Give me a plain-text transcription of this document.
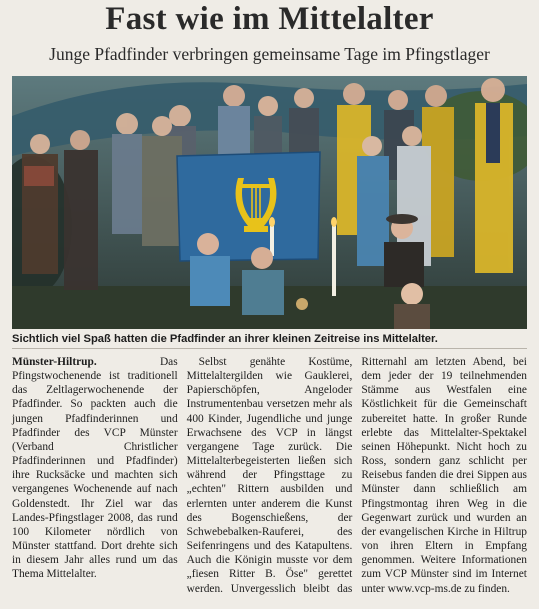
Fast wie im Mittelalter
Junge Pfadfinder verbringen gemeinsame Tage im Pfingstlager
Sichtlich viel Spaß hatten die Pfadfinder an ihrer kleinen Zeitreise ins Mittelalter.

Münster-Hiltrup.	Das Pfingstwochenende ist traditionell das Zeltlagerwochenende der Pfadfinder. So packten auch die jungen Pfadfinderinnen und Pfadfinder des VCP Münster (Verband Christlicher Pfadfinderinnen und Pfadfinder) ihre Rucksäcke und machten sich vergangenes Wochenende auf nach Goldenstedt. Ihr Ziel war das Landes-Pfingstlager 2008, das rund 100 Kilometer nördlich von Münster stattfand. Dort drehte sich in diesem Jahr alles rund um das Thema Mittelalter.

Selbst genähte Kostüme, Mittelaltergilden wie Gauklerei, Papierschöpfen, Angeloder Instrumentenbau versetzen mehr als 400 Kinder, Jugendliche und junge Erwachsene des VCP in längst vergangene Tage zurück. Die Mittelalterbegeisterten ließen sich während der Pfingsttage zu „echten" Rittern ausbilden und erlernten unter anderem die Kunst des Bogenschießens, der Schwebebalken-Rauferei, des Seifenringens und des Katapultens. Auch die Königin musste vor dem „fiesen Ritter B. Öse" gerettet werden. Unvergesslich bleibt das Ritternahl am letzten Abend, bei dem jeder der 19 teilnehmenden Stämme aus Westfalen eine Köstlichkeit für die Gemeinschaft zubereitet hatte. In großer Runde erlebte das Mittelalter-Spektakel seinen Höhepunkt. Nicht hoch zu Ross, sondern ganz schlicht per Reisebus fanden die drei Sippen aus Münster dann schließlich am Pfingstmontag ihren Weg in die Gegenwart zurück und wurden an der evangelischen Kirche in Hiltrup von ihren Eltern in Empfang genommen. Weitere Informationen zum VCP Münster sind im Internet unter www.vcp-ms.de zu finden.
